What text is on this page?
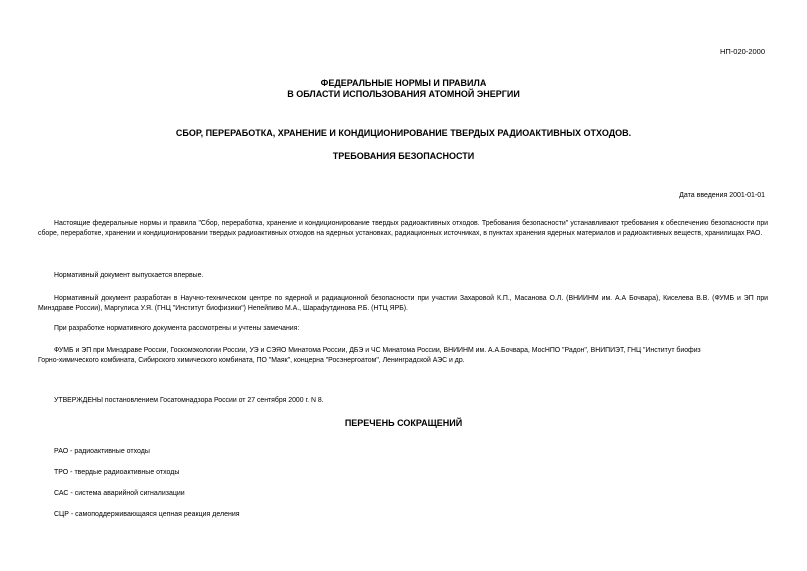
НП-020-2000
ФЕДЕРАЛЬНЫЕ НОРМЫ И ПРАВИЛА
В ОБЛАСТИ ИСПОЛЬЗОВАНИЯ АТОМНОЙ ЭНЕРГИИ
СБОР, ПЕРЕРАБОТКА, ХРАНЕНИЕ И КОНДИЦИОНИРОВАНИЕ ТВЕРДЫХ РАДИОАКТИВНЫХ ОТХОДОВ.
ТРЕБОВАНИЯ БЕЗОПАСНОСТИ
Дата введения 2001-01-01
Настоящие федеральные нормы и правила "Сбор, переработка, хранение и кондиционирование твердых радиоактивных отходов. Требования безопасности" устанавливают требования к обеспечению безопасности при сборе, переработке, хранении и кондиционировании твердых радиоактивных отходов на ядерных установках, радиационных источниках, в пунктах хранения ядерных материалов и радиоактивных веществ, хранилищах РАО.
Нормативный документ выпускается впервые.
Нормативный документ разработан в Научно-техническом центре по ядерной и радиационной безопасности при участии Захаровой К.П., Масанова О.Л. (ВНИИНМ им. А.А Бочвара), Киселева В.В. (ФУМБ и ЭП при Минздраве России), Маргулиса У.Я. (ГНЦ "Институт биофизики") Непейпиво М.А., Шарафутдинова Р.Б. (НТЦ ЯРБ).
При разработке нормативного документа рассмотрены и учтены замечания:
ФУМБ и ЭП при Минздраве России, Госкомэкологии России, УЭ и СЭЯО Минатома России, ДБЭ и ЧС Минатома России, ВНИИНМ им. А.А.Бочвара, МосНПО "Радон", ВНИПИЭТ, ГНЦ "Институт биофиз
Горно-химического комбината, Сибирского химического комбината, ПО "Маяк", концерна "Росэнергоатом", Ленинградской АЭС и др.
УТВЕРЖДЕНЫ постановлением Госатомнадзора России от 27 сентября 2000 г. N 8.
ПЕРЕЧЕНЬ СОКРАЩЕНИЙ
РАО - радиоактивные отходы
ТРО - твердые радиоактивные отходы
САС - система аварийной сигнализации
СЦР - самоподдерживающаяся цепная реакция деления
